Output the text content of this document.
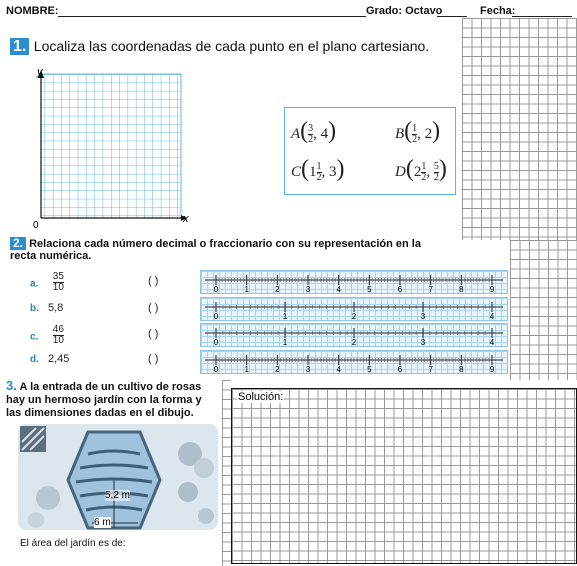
NOMBRE:	Grado: Octavo	Fecha:
1. Localiza las coordenadas de cada punto en el plano cartesiano.
y
x
0
$A( \frac{3}{2}$ , 4)	$B( \frac{1}{2}$ , 2)
$C(1 \frac{1}{2}$ , 3)	$D(2 \frac{1}{2}$ , $\frac{5}{2}$ )
2. Relaciona cada número decimal o fraccionario con su representación en la recta numérica.
a. $\frac{35}{10}$	( )
b. 5,8	( )
c. $\frac{46}{10}$	( )
d. 2,45	( )
0	1	2	3	4	5	6	7	8	9
0	1	2	3	4
0	1	2	3	4
0	1	2	3	4	5	6	7	8	9
3. A la entrada de un cultivo de rosas hay un hermoso jardín con la forma y las dimensiones dadas en el dibujo.
5,2 m
6 m
El área del jardín es de:
Solución:
